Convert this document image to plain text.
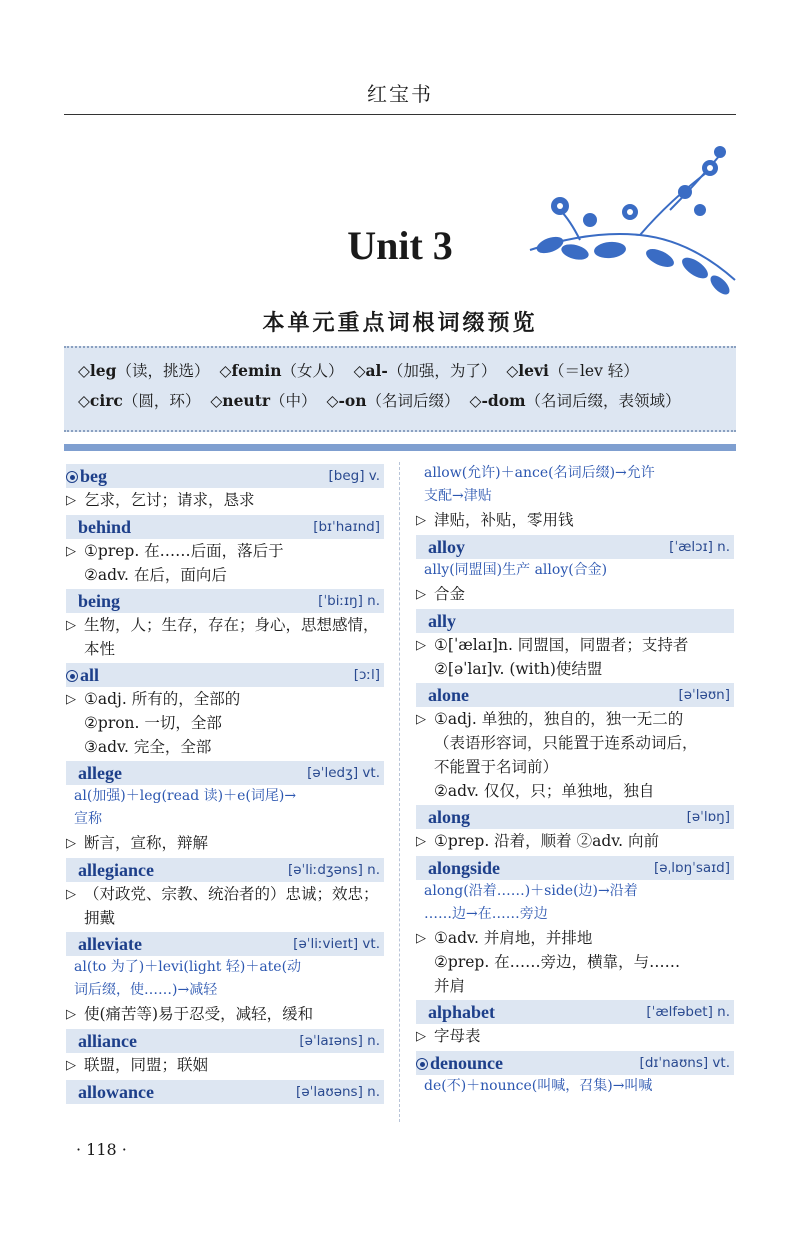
红宝书
Unit 3
本单元重点词根词缀预览
◇leg（读，挑选） ◇femin（女人） ◇al-（加强，为了） ◇levi（＝lev 轻）
◇circ（圆，环） ◇neutr（中） ◇-on（名词后缀） ◇-dom（名词后缀，表领域）
beg	[beg] v.
▷ 乞求，乞讨；请求，恳求
behind	[bɪˈhaɪnd]
▷ ①prep. 在……后面，落后于
②adv. 在后，面向后
being	[ˈbiːɪŋ] n.
▷ 生物，人；生存，存在；身心，思想感情，
本性
all	[ɔːl]
▷ ①adj. 所有的，全部的
②pron. 一切，全部
③adv. 完全，全部
allege	[əˈledʒ] vt.
al(加强)＋leg(read 读)＋e(词尾)→
宣称
▷ 断言，宣称，辩解
allegiance	[əˈliːdʒəns] n.
▷ （对政党、宗教、统治者的）忠诚；效忠；
拥戴
alleviate	[əˈliːvieɪt] vt.
al(to 为了)＋levi(light 轻)＋ate(动
词后缀，使……)→减轻
▷ 使(痛苦等)易于忍受，减轻，缓和
alliance	[əˈlaɪəns] n.
▷ 联盟，同盟；联姻
allowance	[əˈlaʊəns] n.
allow(允许)＋ance(名词后缀)→允许
支配→津贴
▷ 津贴，补贴，零用钱
alloy	[ˈælɔɪ] n.
ally(同盟国)生产 alloy(合金)
▷ 合金
ally
▷ ①[ˈælaɪ]n. 同盟国，同盟者；支持者
②[əˈlaɪ]v. (with)使结盟
alone	[əˈləʊn]
▷ ①adj. 单独的，独自的，独一无二的
（表语形容词，只能置于连系动词后，
不能置于名词前）
②adv. 仅仅，只；单独地，独自
along	[əˈlɒŋ]
▷ ①prep. 沿着，顺着 ②adv. 向前
alongside	[əˌlɒŋˈsaɪd]
along(沿着……)＋side(边)→沿着
……边→在……旁边
▷ ①adv. 并肩地，并排地
②prep. 在……旁边，横靠，与……
并肩
alphabet	[ˈælfəbet] n.
▷ 字母表
denounce	[dɪˈnaʊns] vt.
de(不)＋nounce(叫喊，召集)→叫喊
· 118 ·
